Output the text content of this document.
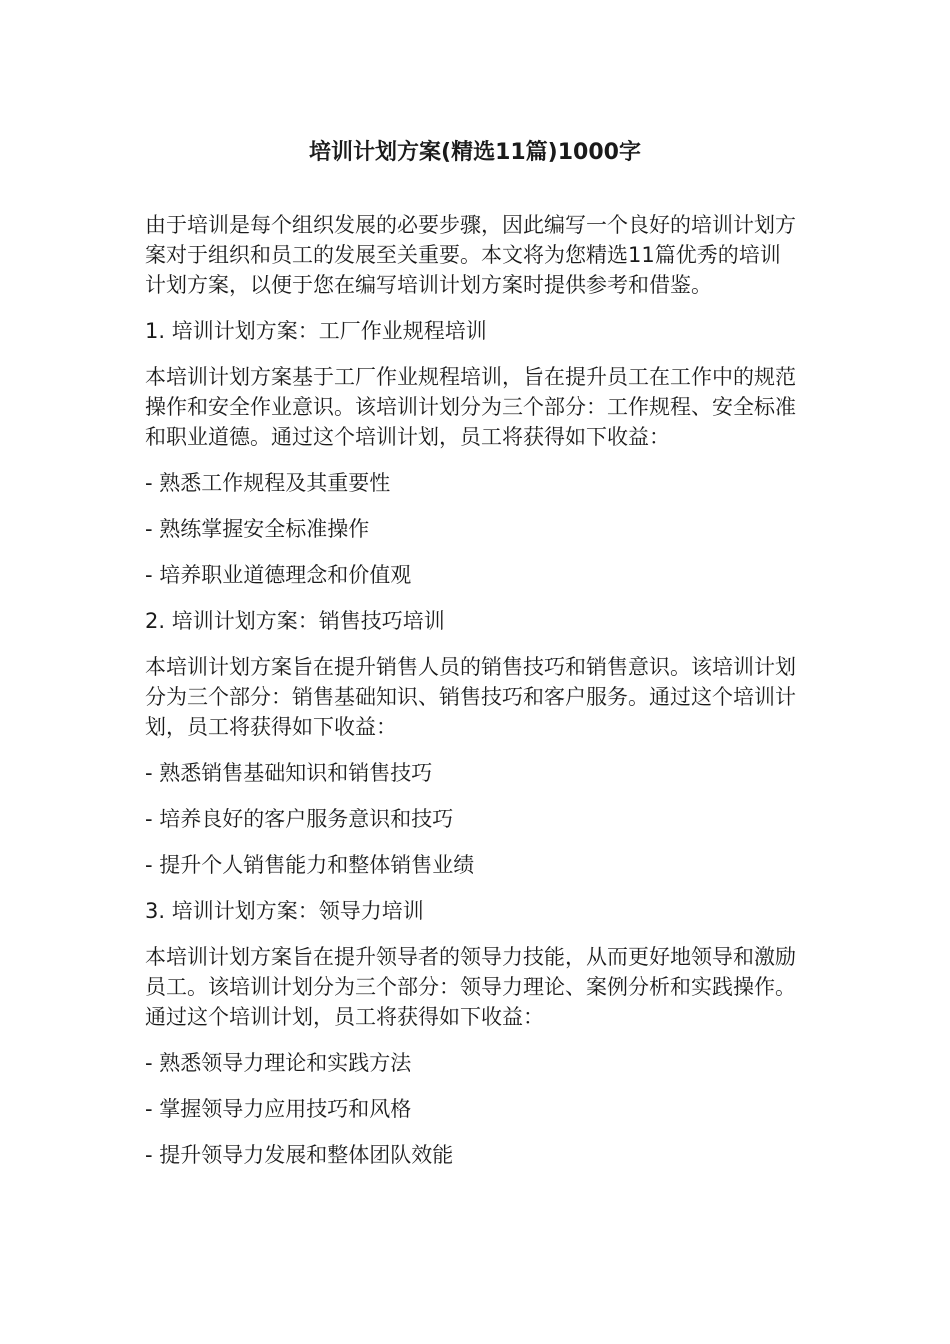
培训计划方案(精选11篇)1000字

由于培训是每个组织发展的必要步骤，因此编写一个良好的培训计划方案对于组织和员工的发展至关重要。本文将为您精选11篇优秀的培训计划方案，以便于您在编写培训计划方案时提供参考和借鉴。

1. 培训计划方案：工厂作业规程培训

本培训计划方案基于工厂作业规程培训，旨在提升员工在工作中的规范操作和安全作业意识。该培训计划分为三个部分：工作规程、安全标准和职业道德。通过这个培训计划，员工将获得如下收益：

- 熟悉工作规程及其重要性

- 熟练掌握安全标准操作

- 培养职业道德理念和价值观

2. 培训计划方案：销售技巧培训

本培训计划方案旨在提升销售人员的销售技巧和销售意识。该培训计划分为三个部分：销售基础知识、销售技巧和客户服务。通过这个培训计划，员工将获得如下收益：

- 熟悉销售基础知识和销售技巧

- 培养良好的客户服务意识和技巧

- 提升个人销售能力和整体销售业绩

3. 培训计划方案：领导力培训

本培训计划方案旨在提升领导者的领导力技能，从而更好地领导和激励员工。该培训计划分为三个部分：领导力理论、案例分析和实践操作。通过这个培训计划，员工将获得如下收益：

- 熟悉领导力理论和实践方法

- 掌握领导力应用技巧和风格

- 提升领导力发展和整体团队效能
